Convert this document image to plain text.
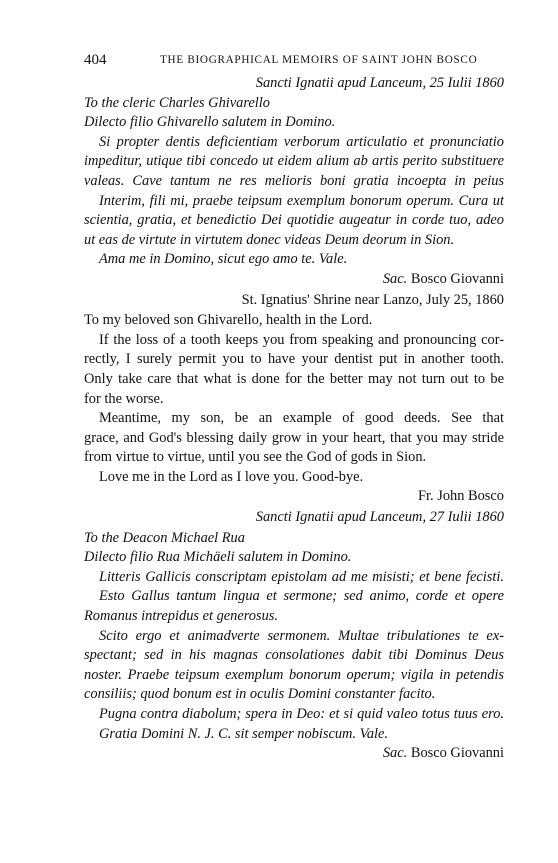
404	THE BIOGRAPHICAL MEMOIRS OF SAINT JOHN BOSCO
Sancti Ignatii apud Lanceum, 25 Iulii 1860
To the cleric Charles Ghivarello
Dilecto filio Ghivarello salutem in Domino.
Si propter dentis deficientiam verborum articulatio et pronunciatio
impeditur, utique tibi concedo ut eidem alium ab artis perito substituere
valeas. Cave tantum ne res melioris boni gratia incoepta in peius
Interim, fili mi, praebe teipsum exemplum bonorum operum. Cura ut
scientia, gratia, et benedictio Dei quotidie augeatur in corde tuo, adeo
ut eas de virtute in virtutem donec videas Deum deorum in Sion.
Ama me in Domino, sicut ego amo te. Vale.
Sac. Bosco Giovanni
St. Ignatius' Shrine near Lanzo, July 25, 1860
To my beloved son Ghivarello, health in the Lord.
If the loss of a tooth keeps you from speaking and pronouncing cor-
rectly, I surely permit you to have your dentist put in another tooth.
Only take care that what is done for the better may not turn out to be
for the worse.
Meantime, my son, be an example of good deeds. See that
grace, and God's blessing daily grow in your heart, that you may stride
from virtue to virtue, until you see the God of gods in Sion.
Love me in the Lord as I love you. Good-bye.
Fr. John Bosco
Sancti Ignatii apud Lanceum, 27 Iulii 1860
To the Deacon Michael Rua
Dilecto filio Rua Michäeli salutem in Domino.
Litteris Gallicis conscriptam epistolam ad me misisti; et bene fecisti.
Esto Gallus tantum lingua et sermone; sed animo, corde et opere
Romanus intrepidus et generosus.
Scito ergo et animadverte sermonem. Multae tribulationes te ex-
spectant; sed in his magnas consolationes dabit tibi Dominus Deus
noster. Praebe teipsum exemplum bonorum operum; vigila in petendis
consiliis; quod bonum est in oculis Domini constanter facito.
Pugna contra diabolum; spera in Deo: et si quid valeo totus tuus ero.
Gratia Domini N. J. C. sit semper nobiscum. Vale.
Sac. Bosco Giovanni
